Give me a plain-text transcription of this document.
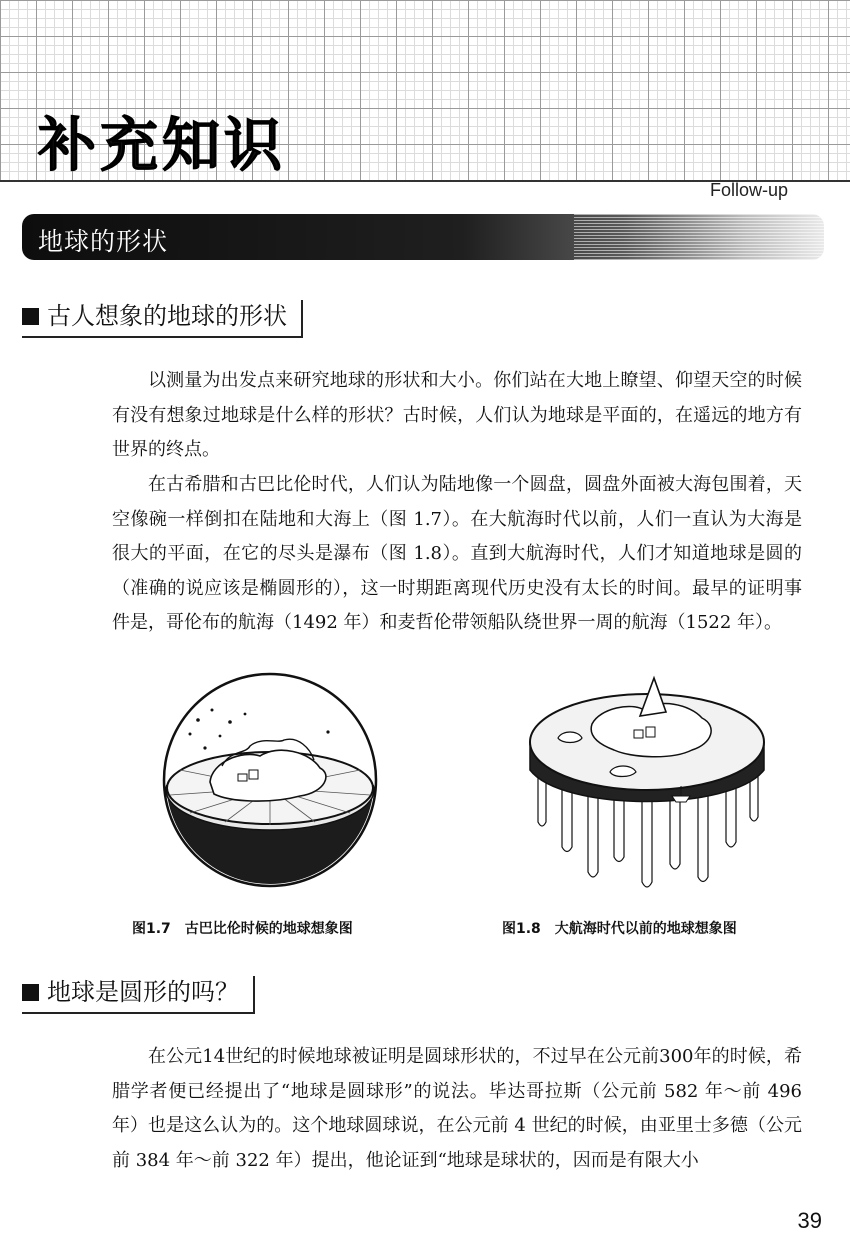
补充知识
Follow-up
地球的形状
古人想象的地球的形状

以测量为出发点来研究地球的形状和大小。你们站在大地上瞭望、仰望天空的时候有没有想象过地球是什么样的形状？古时候，人们认为地球是平面的，在遥远的地方有世界的终点。

在古希腊和古巴比伦时代，人们认为陆地像一个圆盘，圆盘外面被大海包围着，天空像碗一样倒扣在陆地和大海上（图 1.7）。在大航海时代以前，人们一直认为大海是很大的平面，在它的尽头是瀑布（图 1.8）。直到大航海时代，人们才知道地球是圆的（准确的说应该是椭圆形的），这一时期距离现代历史没有太长的时间。最早的证明事件是，哥伦布的航海（1492 年）和麦哲伦带领船队绕世界一周的航海（1522 年）。

图1.7　古巴比伦时候的地球想象图	图1.8　大航海时代以前的地球想象图
地球是圆形的吗？

在公元14世纪的时候地球被证明是圆球形状的，不过早在公元前300年的时候，希腊学者便已经提出了“地球是圆球形”的说法。毕达哥拉斯（公元前 582 年～前 496 年）也是这么认为的。这个地球圆球说，在公元前 4 世纪的时候，由亚里士多德（公元前 384 年～前 322 年）提出，他论证到“地球是球状的，因而是有限大小

39
